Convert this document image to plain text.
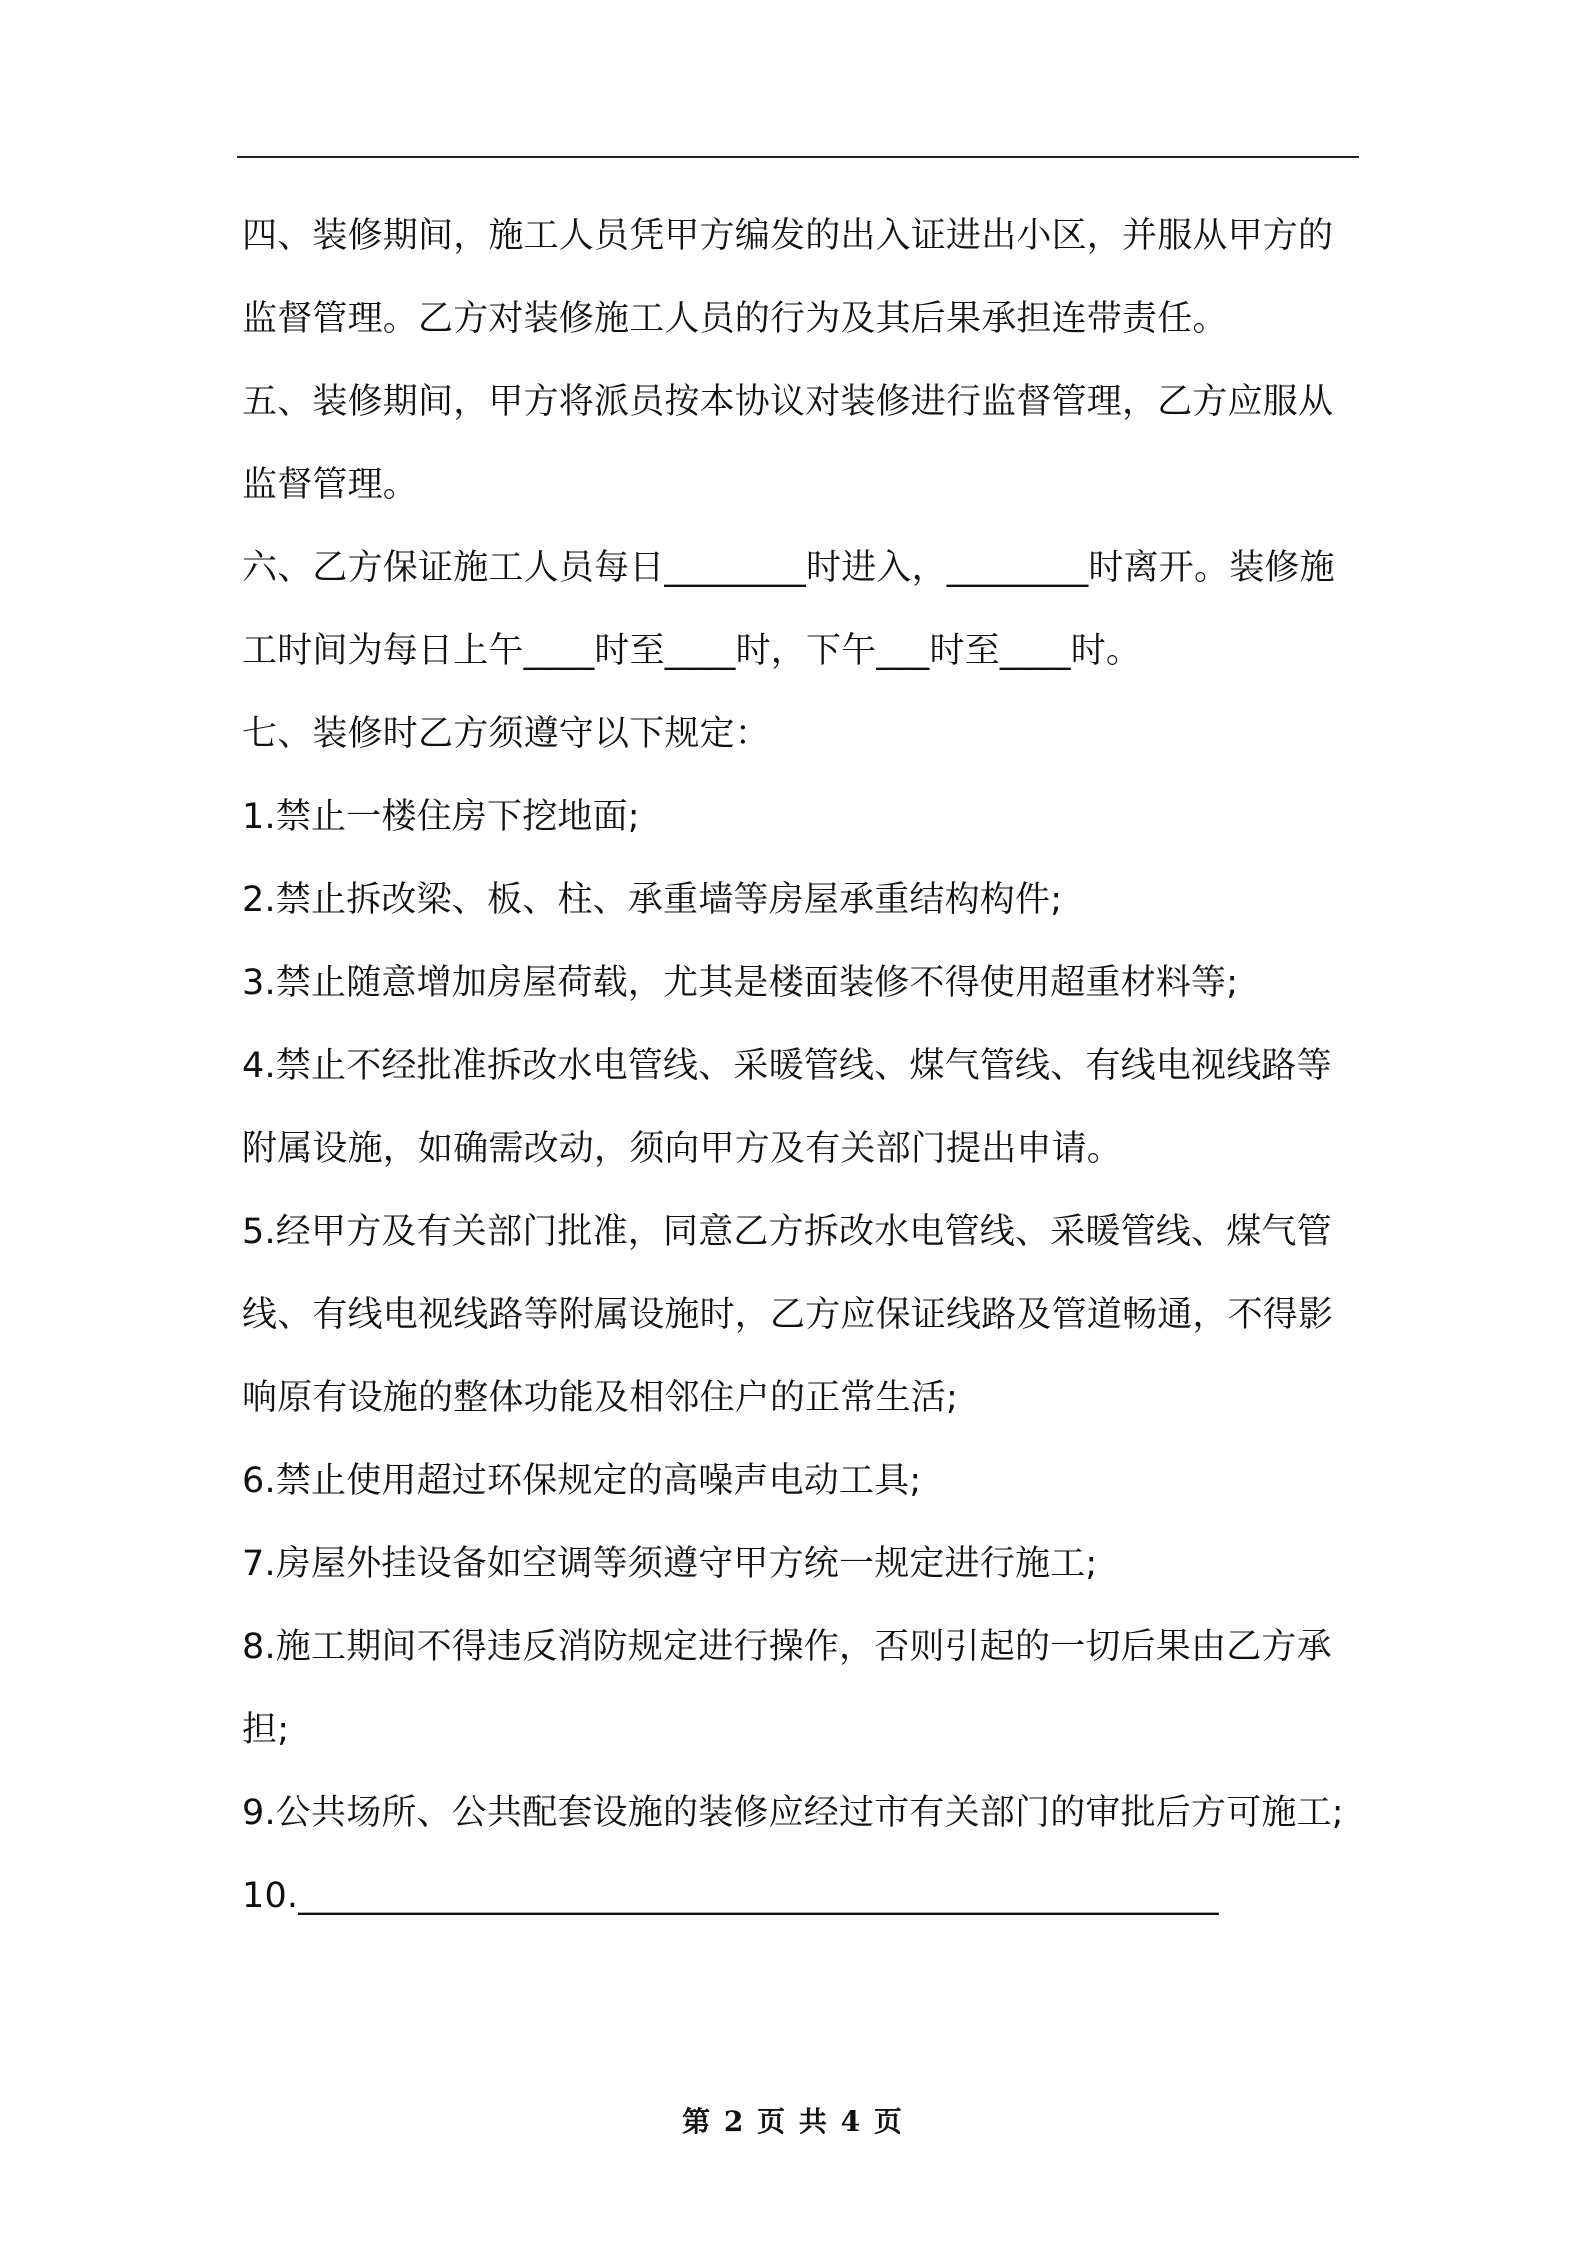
四、装修期间，施工人员凭甲方编发的出入证进出小区，并服从甲方的监督管理。乙方对装修施工人员的行为及其后果承担连带责任。

五、装修期间，甲方将派员按本协议对装修进行监督管理，乙方应服从监督管理。

六、乙方保证施工人员每日________时进入，________时离开。装修施工时间为每日上午____时至____时，下午___时至____时。

七、装修时乙方须遵守以下规定：

1.禁止一楼住房下挖地面;

2.禁止拆改梁、板、柱、承重墙等房屋承重结构构件;

3.禁止随意增加房屋荷载，尤其是楼面装修不得使用超重材料等;

4.禁止不经批准拆改水电管线、采暖管线、煤气管线、有线电视线路等附属设施，如确需改动，须向甲方及有关部门提出申请。

5.经甲方及有关部门批准，同意乙方拆改水电管线、采暖管线、煤气管线、有线电视线路等附属设施时，乙方应保证线路及管道畅通，不得影响原有设施的整体功能及相邻住户的正常生活;

6.禁止使用超过环保规定的高噪声电动工具;

7.房屋外挂设备如空调等须遵守甲方统一规定进行施工;

8.施工期间不得违反消防规定进行操作，否则引起的一切后果由乙方承担;

9.公共场所、公共配套设施的装修应经过市有关部门的审批后方可施工;

10.____________________________________________________

第 2 页 共 4 页
